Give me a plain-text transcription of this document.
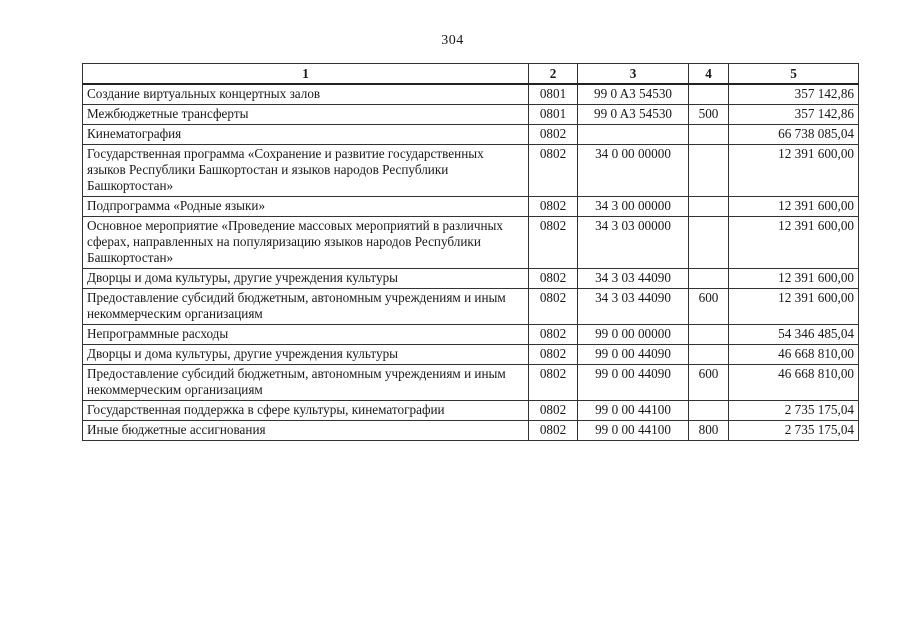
304
1	2	3	4	5
Создание виртуальных концертных залов	0801	99 0 A3 54530		357 142,86
Межбюджетные трансферты	0801	99 0 A3 54530	500	357 142,86
Кинематография	0802			66 738 085,04
Государственная программа «Сохранение и развитие государственных языков Республики Башкортостан и языков народов Республики Башкортостан»	0802	34 0 00 00000		12 391 600,00
Подпрограмма «Родные языки»	0802	34 3 00 00000		12 391 600,00
Основное мероприятие «Проведение массовых мероприятий в различных сферах, направленных на популяризацию языков народов Республики Башкортостан»	0802	34 3 03 00000		12 391 600,00
Дворцы и дома культуры, другие учреждения культуры	0802	34 3 03 44090		12 391 600,00
Предоставление субсидий бюджетным, автономным учреждениям и иным некоммерческим организациям	0802	34 3 03 44090	600	12 391 600,00
Непрограммные расходы	0802	99 0 00 00000		54 346 485,04
Дворцы и дома культуры, другие учреждения культуры	0802	99 0 00 44090		46 668 810,00
Предоставление субсидий бюджетным, автономным учреждениям и иным некоммерческим организациям	0802	99 0 00 44090	600	46 668 810,00
Государственная поддержка в сфере культуры, кинематографии	0802	99 0 00 44100		2 735 175,04
Иные бюджетные ассигнования	0802	99 0 00 44100	800	2 735 175,04
